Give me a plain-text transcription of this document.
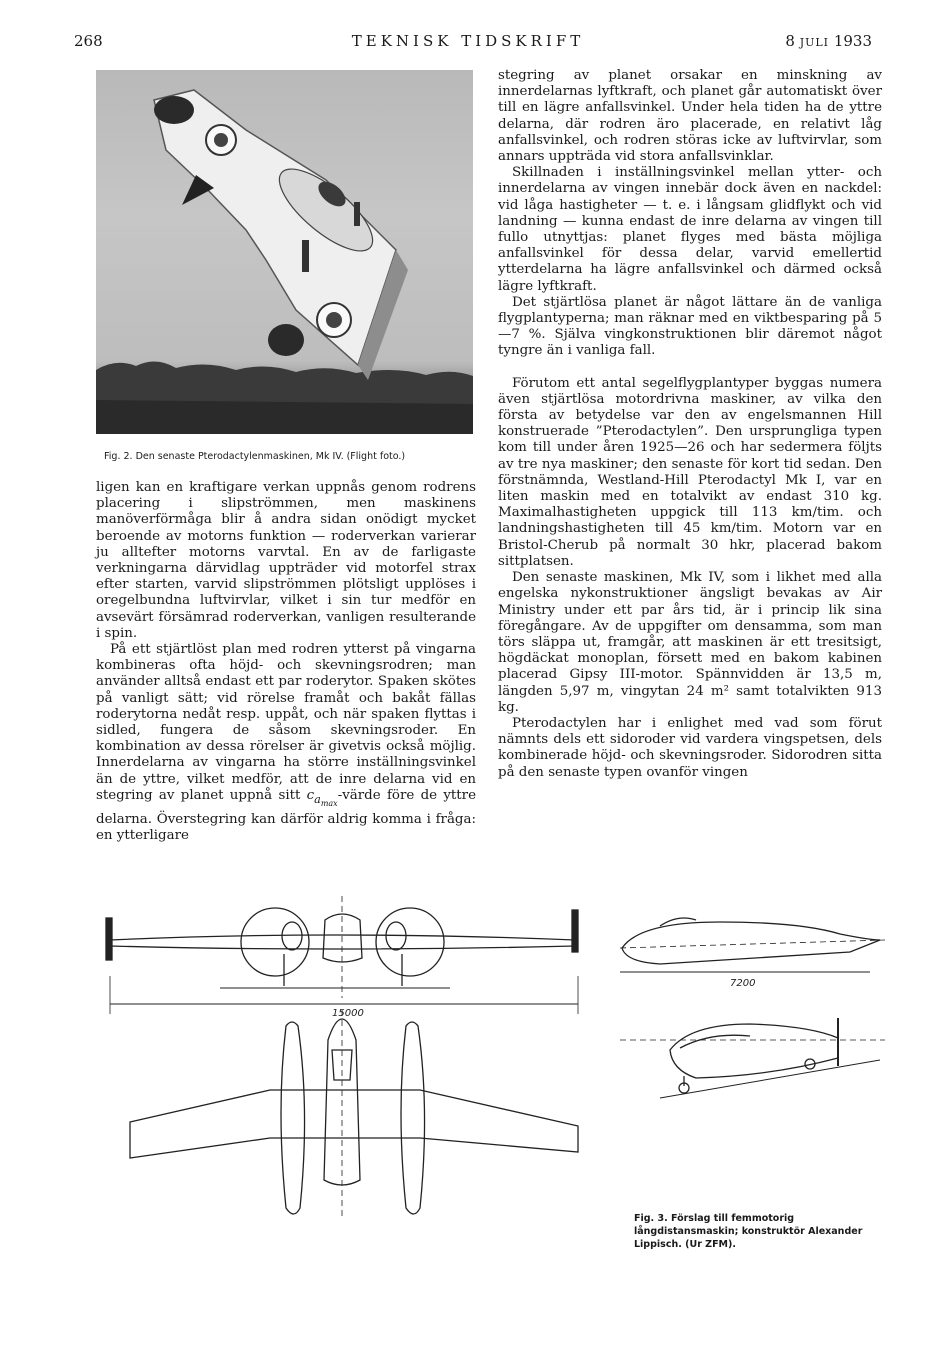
268	TEKNISK TIDSKRIFT	8 JULI 1933
Fig. 2. Den senaste Pterodactylenmaskinen, Mk IV. (Flight foto.)

ligen kan en kraftigare verkan uppnås genom rodrens placering i slipströmmen, men maskinens manöverförmåga blir å andra sidan onödigt mycket beroende av motorns funktion — roderverkan varierar ju alltefter motorns varvtal. En av de farligaste verkningarna därvidlag uppträder vid motorfel strax efter starten, varvid slipströmmen plötsligt upplöses i oregelbundna luftvirvlar, vilket i sin tur medför en avsevärt försämrad roderverkan, vanligen resulterande i spin.

På ett stjärtlöst plan med rodren ytterst på vingarna kombineras ofta höjd- och skevningsrodren; man använder alltså endast ett par roderytor. Spaken skötes på vanligt sätt; vid rörelse framåt och bakåt fällas roderytorna nedåt resp. uppåt, och när spaken flyttas i sidled, fungera de såsom skevningsroder. En kombination av dessa rörelser är givetvis också möjlig. Innerdelarna av vingarna ha större inställningsvinkel än de yttre, vilket medför, att de inre delarna vid en stegring av planet uppnå sitt $c_{a_{max}}$-värde före de yttre delarna. Överstegring kan därför aldrig komma i fråga: en ytterligare

stegring av planet orsakar en minskning av innerdelarnas lyftkraft, och planet går automatiskt över till en lägre anfallsvinkel. Under hela tiden ha de yttre delarna, där rodren äro placerade, en relativt låg anfallsvinkel, och rodren störas icke av luftvirvlar, som annars uppträda vid stora anfallsvinklar.

Skillnaden i inställningsvinkel mellan ytter- och innerdelarna av vingen innebär dock även en nackdel: vid låga hastigheter — t. e. i långsam glidflykt och vid landning — kunna endast de inre delarna av vingen till fullo utnyttjas: planet flyges med bästa möjliga anfallsvinkel för dessa delar, varvid emellertid ytterdelarna ha lägre anfallsvinkel och därmed också lägre lyftkraft.

Det stjärtlösa planet är något lättare än de vanliga flygplantyperna; man räknar med en viktbesparing på 5—7 %. Själva vingkonstruktionen blir däremot något tyngre än i vanliga fall.

Förutom ett antal segelflygplantyper byggas numera även stjärtlösa motordrivna maskiner, av vilka den första av betydelse var den av engelsmannen Hill konstruerade ”Pterodactylen”. Den ursprungliga typen kom till under åren 1925—26 och har sedermera följts av tre nya maskiner; den senaste för kort tid sedan. Den förstnämnda, Westland-Hill Pterodactyl Mk I, var en liten maskin med en totalvikt av endast 310 kg. Maximalhastigheten uppgick till 113 km/tim. och landningshastigheten till 45 km/tim. Motorn var en Bristol-Cherub på normalt 30 hkr, placerad bakom sittplatsen.

Den senaste maskinen, Mk IV, som i likhet med alla engelska nykonstruktioner ängsligt bevakas av Air Ministry under ett par års tid, är i princip lik sina föregångare. Av de uppgifter om densamma, som man törs släppa ut, framgår, att maskinen är ett tresitsigt, högdäckat monoplan, försett med en bakom kabinen placerad Gipsy III-motor. Spännvidden är 13,5 m, längden 5,97 m, vingytan 24 m² samt totalvikten 913 kg.

Pterodactylen har i enlighet med vad som förut nämnts dels ett sidoroder vid vardera vingspetsen, dels kombinerade höjd- och skevningsroder. Sidorodren sitta på den senaste typen ovanför vingen

15000
7200
Fig. 3. Förslag till femmotorig långdistansmaskin; konstruktör Alexander Lippisch. (Ur ZFM).
